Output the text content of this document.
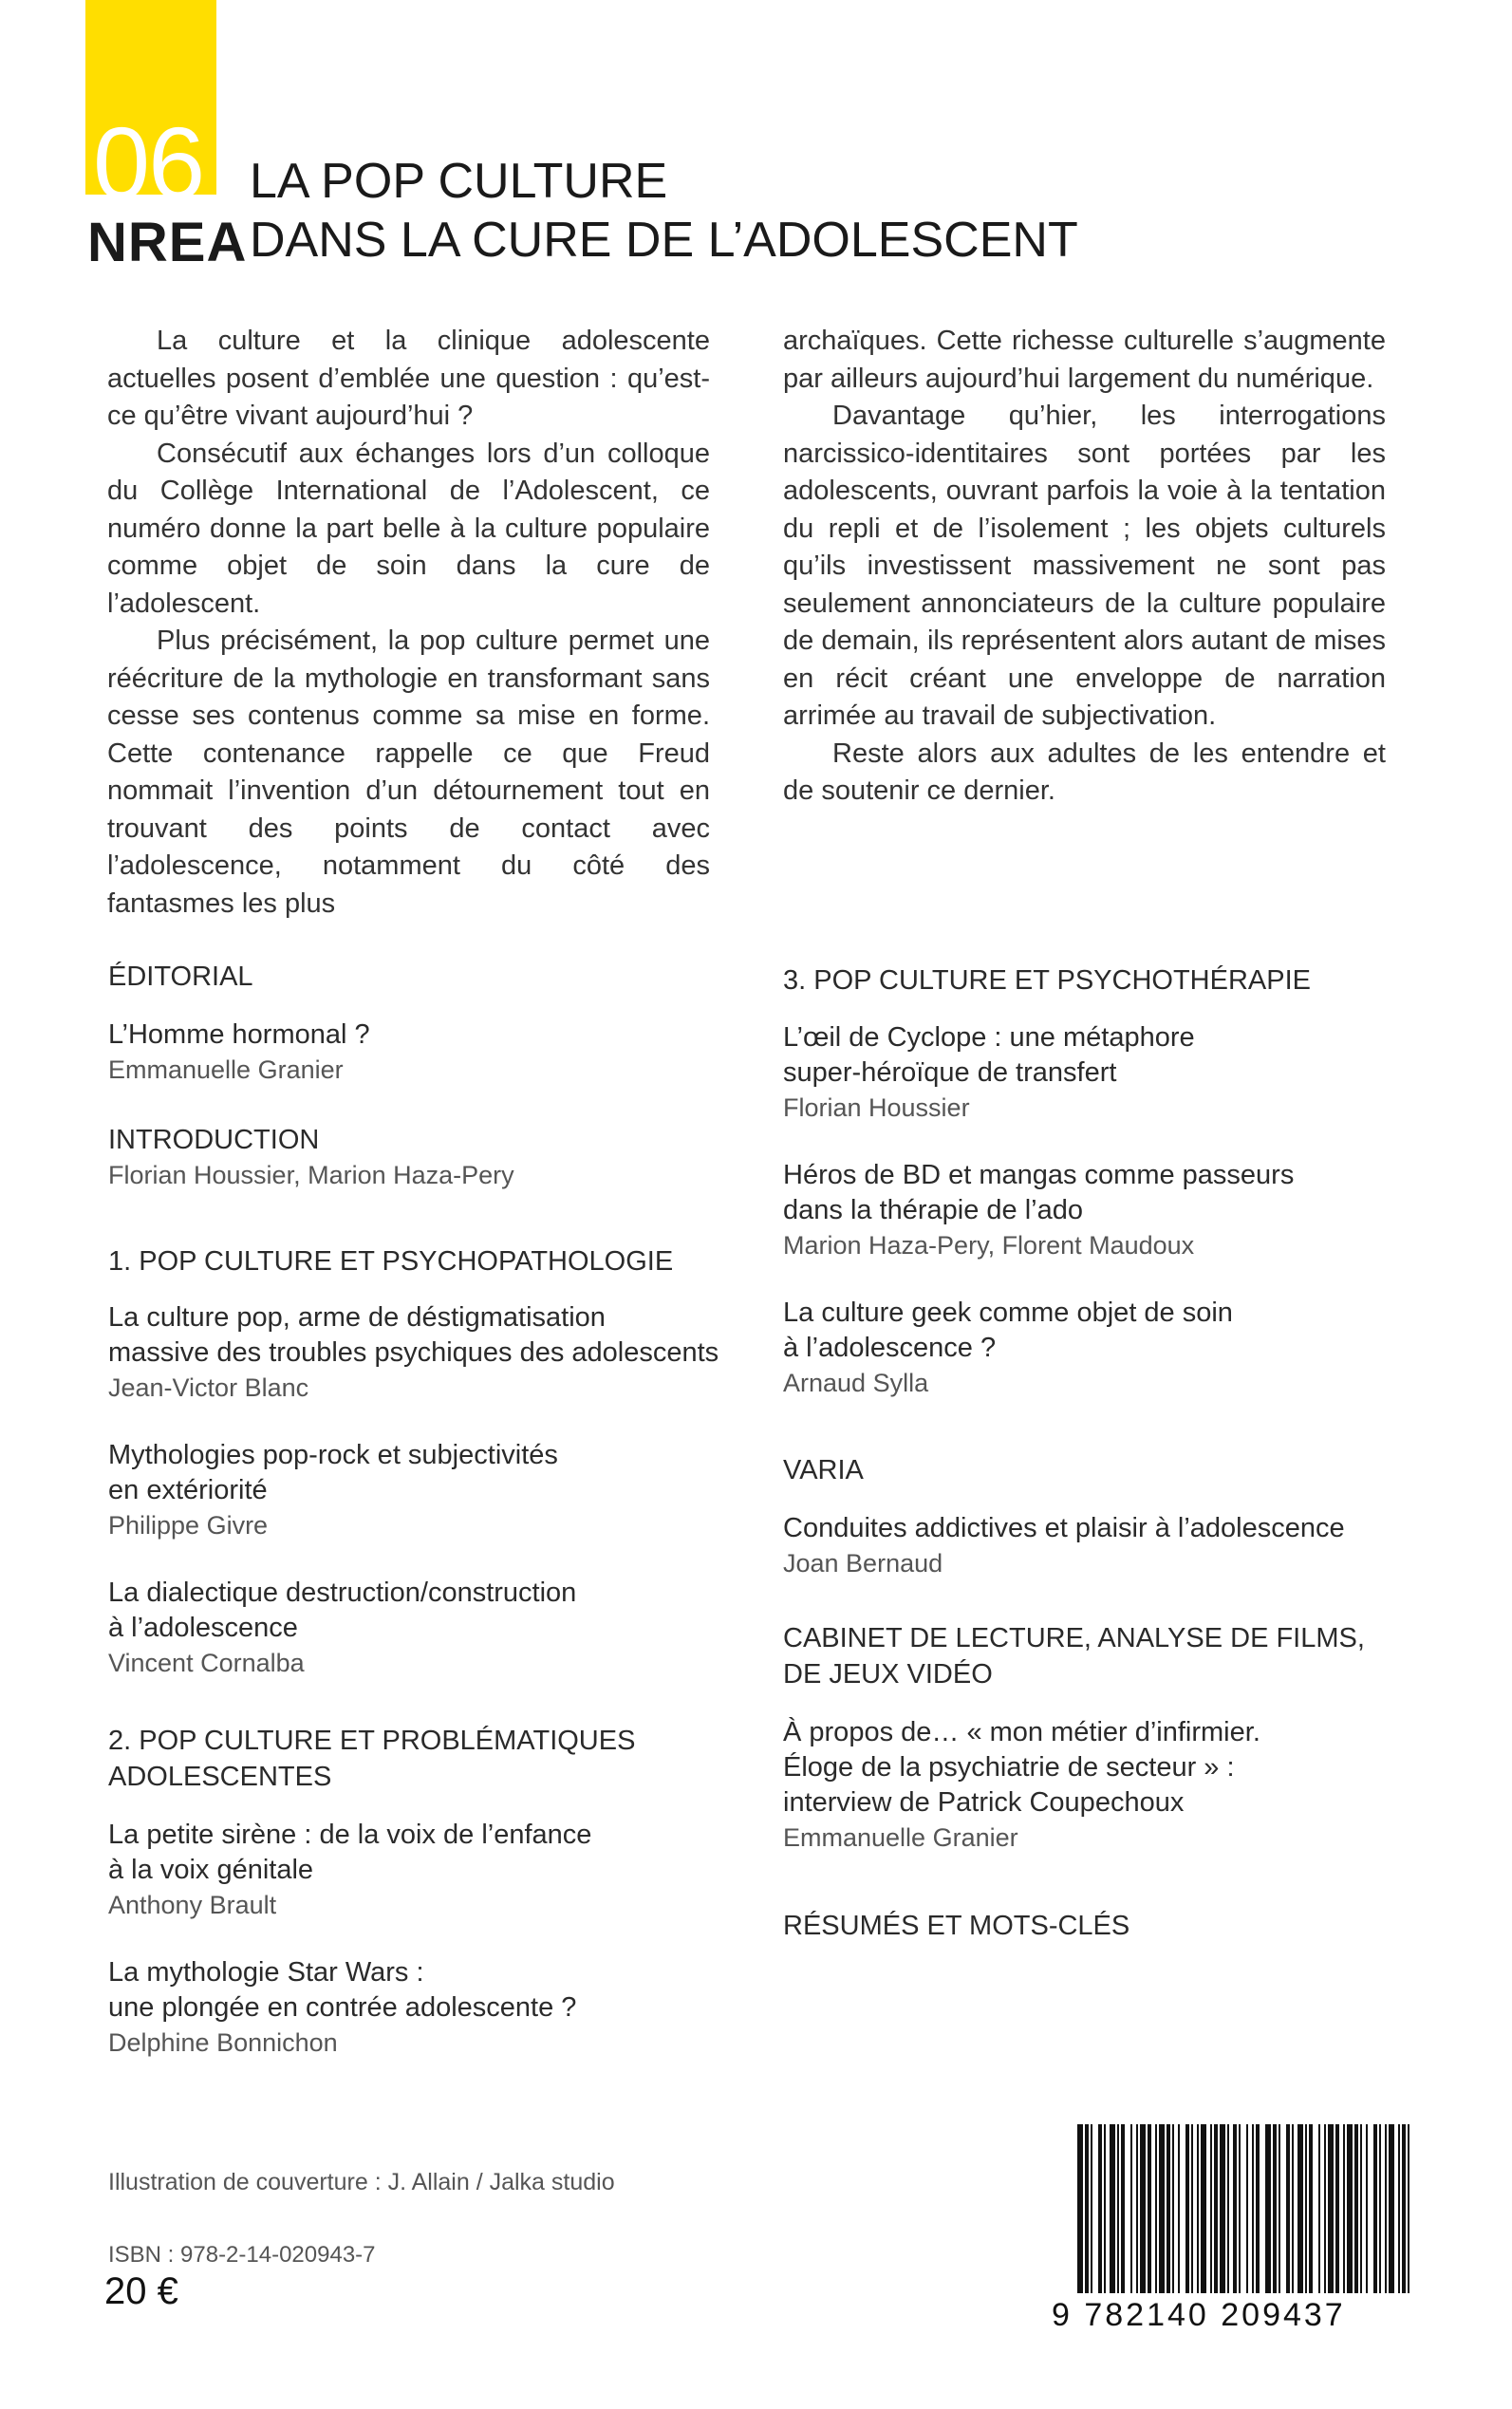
06
NREA
LA POP CULTURE
DANS LA CURE DE L’ADOLESCENT

La culture et la clinique adolescente actuelles posent d’emblée une question : qu’est-ce qu’être vivant aujourd’hui ?

Consécutif aux échanges lors d’un colloque du Collège International de l’Adolescent, ce numéro donne la part belle à la culture populaire comme objet de soin dans la cure de l’adolescent.

Plus précisément, la pop culture permet une réécriture de la mythologie en transformant sans cesse ses contenus comme sa mise en forme. Cette contenance rappelle ce que Freud nommait l’invention d’un détournement tout en trouvant des points de contact avec l’adolescence, notamment du côté des fantasmes les plus

archaïques. Cette richesse culturelle s’augmente par ailleurs aujourd’hui largement du numérique.

Davantage qu’hier, les interrogations narcissico-identitaires sont portées par les adolescents, ouvrant parfois la voie à la tentation du repli et de l’isolement ; les objets culturels qu’ils investissent massivement ne sont pas seulement annonciateurs de la culture populaire de demain, ils représentent alors autant de mises en récit créant une enveloppe de narration arrimée au travail de subjectivation.

Reste alors aux adultes de les entendre et de soutenir ce dernier.

ÉDITORIAL

L’Homme hormonal ?

Emmanuelle Granier

INTRODUCTION

Florian Houssier, Marion Haza-Pery

1. POP CULTURE ET PSYCHOPATHOLOGIE

La culture pop, arme de déstigmatisation

massive des troubles psychiques des adolescents

Jean-Victor Blanc

Mythologies pop-rock et subjectivités

en extériorité

Philippe Givre

La dialectique destruction/construction

à l’adolescence

Vincent Cornalba

2. POP CULTURE ET PROBLÉMATIQUES

ADOLESCENTES

La petite sirène : de la voix de l’enfance

à la voix génitale

Anthony Brault

La mythologie Star Wars :

une plongée en contrée adolescente ?

Delphine Bonnichon

3. POP CULTURE ET PSYCHOTHÉRAPIE

L’œil de Cyclope : une métaphore

super-héroïque de transfert

Florian Houssier

Héros de BD et mangas comme passeurs

dans la thérapie de l’ado

Marion Haza-Pery, Florent Maudoux

La culture geek comme objet de soin

à l’adolescence ?

Arnaud Sylla

VARIA

Conduites addictives et plaisir à l’adolescence

Joan Bernaud

CABINET DE LECTURE, ANALYSE DE FILMS,

DE JEUX VIDÉO

À propos de… « mon métier d’infirmier.

Éloge de la psychiatrie de secteur » :

interview de Patrick Coupechoux

Emmanuelle Granier

RÉSUMÉS ET MOTS-CLÉS

Illustration de couverture : J. Allain / Jalka studio
ISBN : 978-2-14-020943-7
20 €
9 782140 209437
